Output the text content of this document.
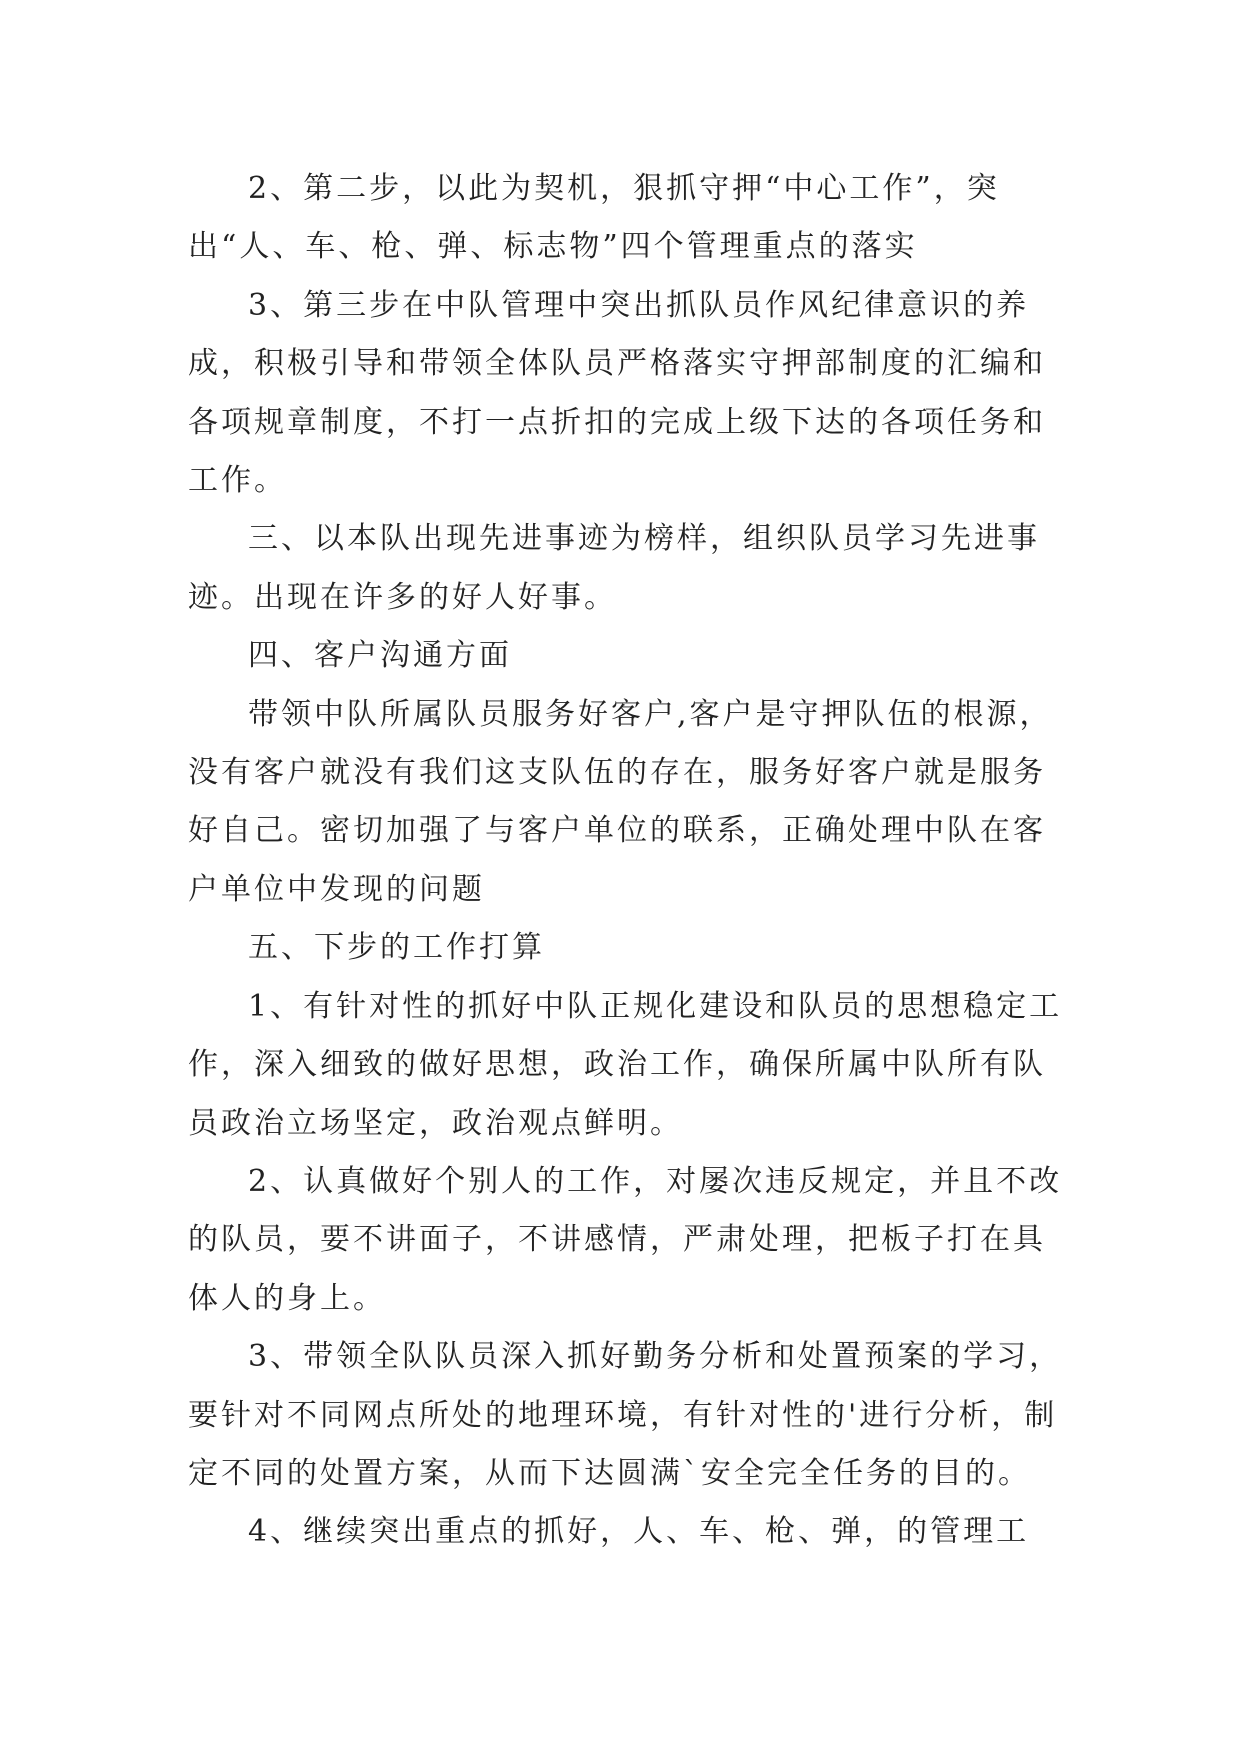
2、第二步，以此为契机，狠抓守押“中心工作”，突出“人、车、枪、弹、标志物”四个管理重点的落实

3、第三步在中队管理中突出抓队员作风纪律意识的养成，积极引导和带领全体队员严格落实守押部制度的汇编和各项规章制度，不打一点折扣的完成上级下达的各项任务和工作。

三、以本队出现先进事迹为榜样，组织队员学习先进事迹。出现在许多的好人好事。

四、客户沟通方面

带领中队所属队员服务好客户,客户是守押队伍的根源，没有客户就没有我们这支队伍的存在，服务好客户就是服务好自己。密切加强了与客户单位的联系，正确处理中队在客户单位中发现的问题

五、下步的工作打算

1、有针对性的抓好中队正规化建设和队员的思想稳定工作，深入细致的做好思想，政治工作，确保所属中队所有队员政治立场坚定，政治观点鲜明。

2、认真做好个别人的工作，对屡次违反规定，并且不改的队员，要不讲面子，不讲感情，严肃处理，把板子打在具体人的身上。

3、带领全队队员深入抓好勤务分析和处置预案的学习，要针对不同网点所处的地理环境，有针对性的'进行分析，制定不同的处置方案，从而下达圆满`安全完全任务的目的。

4、继续突出重点的抓好，人、车、枪、弹，的管理工
